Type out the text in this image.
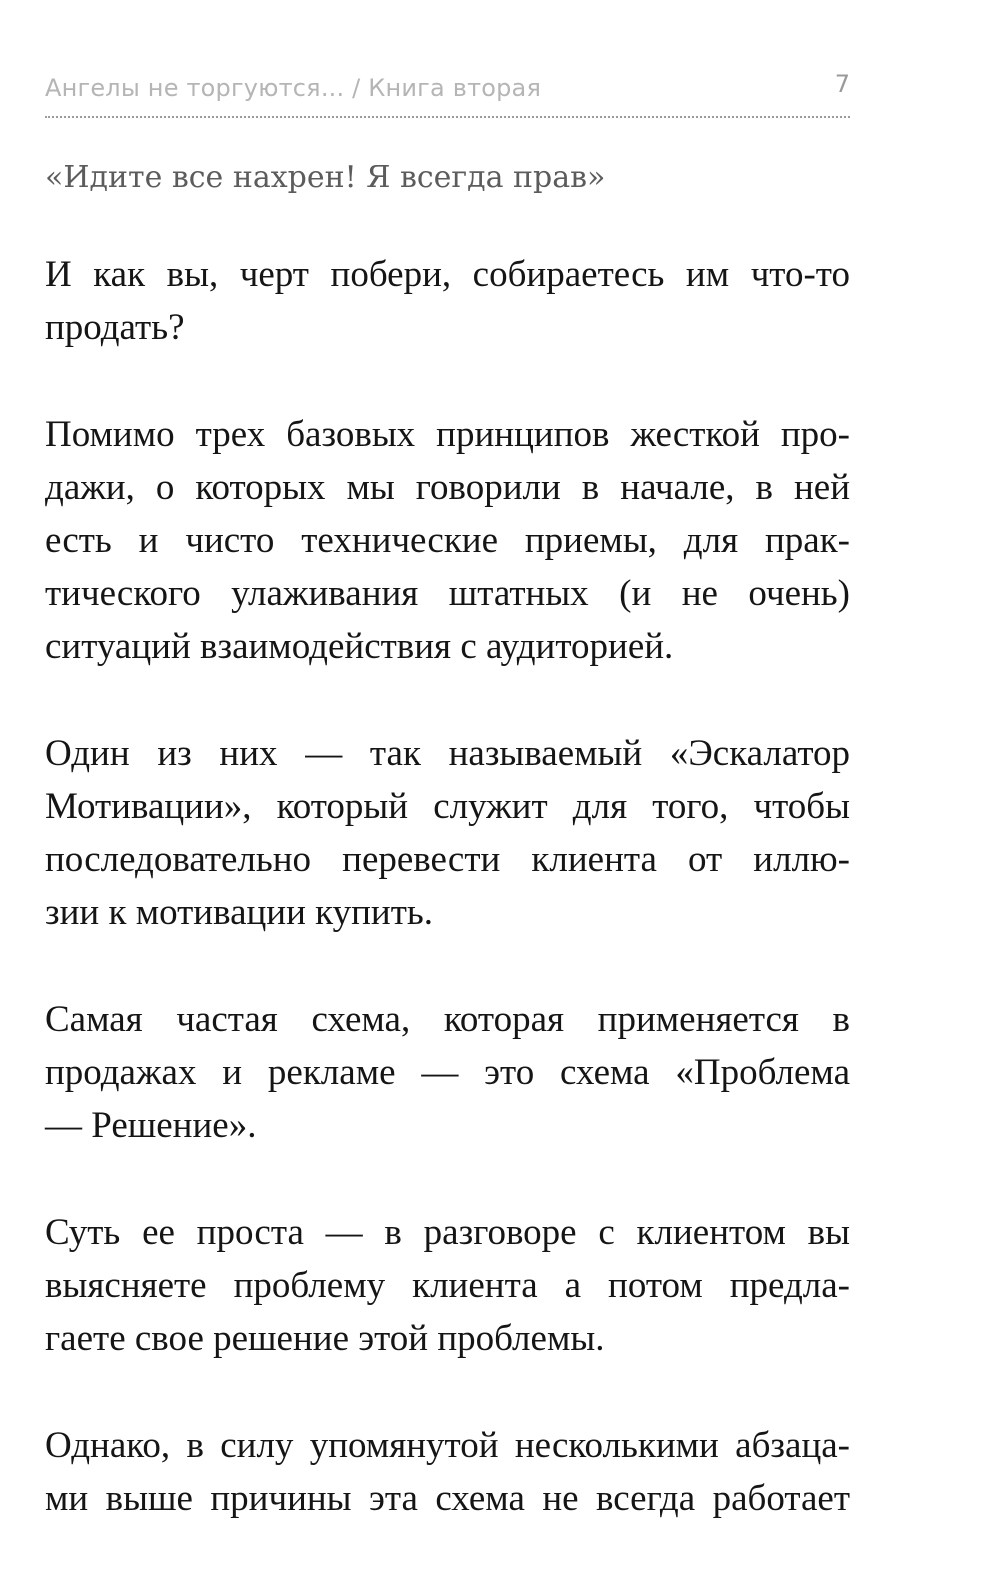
Ангелы не торгуются... / Книга вторая	7
«Идите все нахрен! Я всегда прав»

И как вы, черт побери, собираетесь им что-то
продать?

Помимо трех базовых принципов жесткой про-
дажи, о которых мы говорили в начале, в ней
есть и чисто технические приемы, для прак-
тического улаживания штатных (и не очень)
ситуаций взаимодействия с аудиторией.

Один из них — так называемый «Эскалатор
Мотивации», который служит для того, чтобы
последовательно перевести клиента от иллю-
зии к мотивации купить.

Самая частая схема, которая применяется в
продажах и рекламе — это схема «Проблема
— Решение».

Суть ее проста — в разговоре с клиентом вы
выясняете проблему клиента а потом предла-
гаете свое решение этой проблемы.

Однако, в силу упомянутой несколькими абзаца-
ми выше причины эта схема не всегда работает
